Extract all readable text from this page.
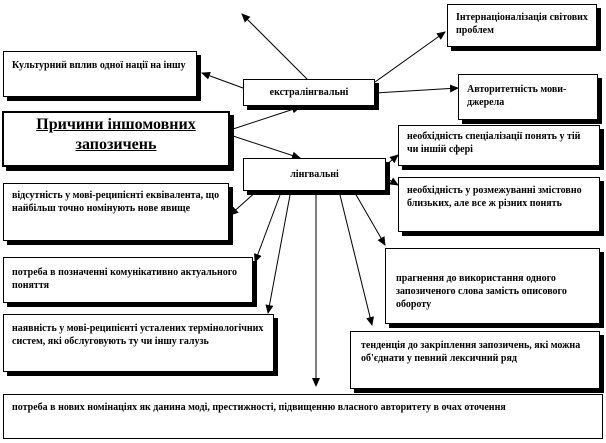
Причини іншомовних запозичень
екстралінгвальні
лінгвальні
Інтернаціоналізація світових проблем
Культурний вплив одної нації на іншу
Авторитетність мови-джерела
необхідність спеціалізації понять у тій чи іншій сфері
необхідність у розмежуванні змістовно близьких, але все ж різних понять
відсутність у мові-реципієнті еквівалента, що найбільш точно номінують нове явище
прагнення до використання одного запозиченого слова замість описового обороту
потреба в позначенні комунікативно актуального поняття
наявність у мові-реципієнті усталених термінологічних систем, які обслуговують ту чи іншу галузь	тенденція до закріплення запозичень, які можна об'єднати у певний лексичний ряд
потреба в нових номінаціях як данина моді, престижності, підвищенню власного авторитету в очах оточення
